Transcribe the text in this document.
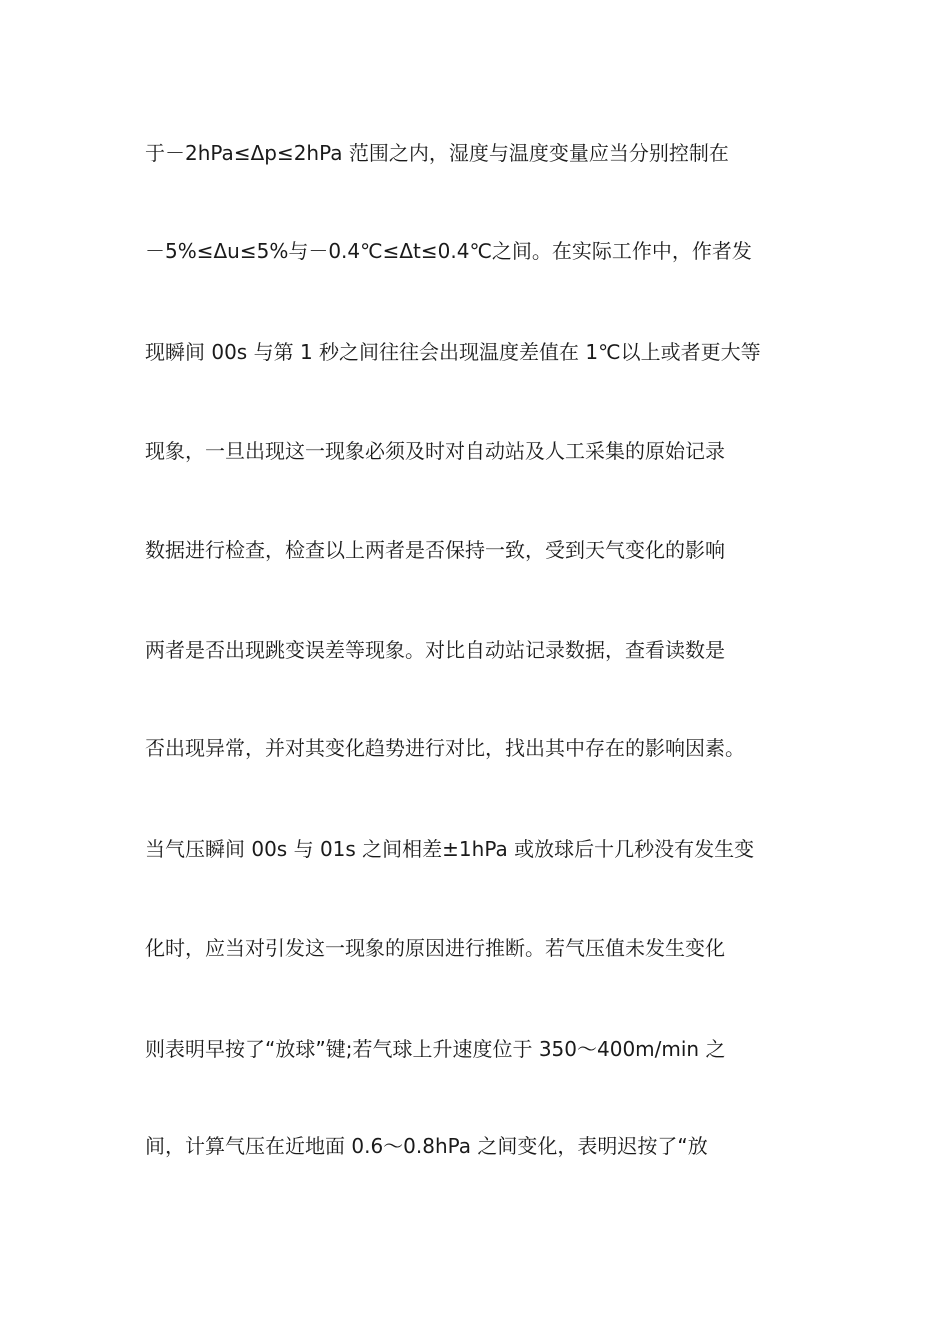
于－2hPa≤Δp≤2hPa 范围之内，湿度与温度变量应当分别控制在
－5%≤Δu≤5%与－0.4℃≤Δt≤0.4℃之间。在实际工作中，作者发
现瞬间 00s 与第 1 秒之间往往会出现温度差值在 1℃以上或者更大等
现象，一旦出现这一现象必须及时对自动站及人工采集的原始记录
数据进行检查，检查以上两者是否保持一致，受到天气变化的影响
两者是否出现跳变误差等现象。对比自动站记录数据，查看读数是
否出现异常，并对其变化趋势进行对比，找出其中存在的影响因素。
当气压瞬间 00s 与 01s 之间相差±1hPa 或放球后十几秒没有发生变
化时，应当对引发这一现象的原因进行推断。若气压值未发生变化
则表明早按了“放球”键;若气球上升速度位于 350～400m/min 之
间，计算气压在近地面 0.6～0.8hPa 之间变化，表明迟按了“放
